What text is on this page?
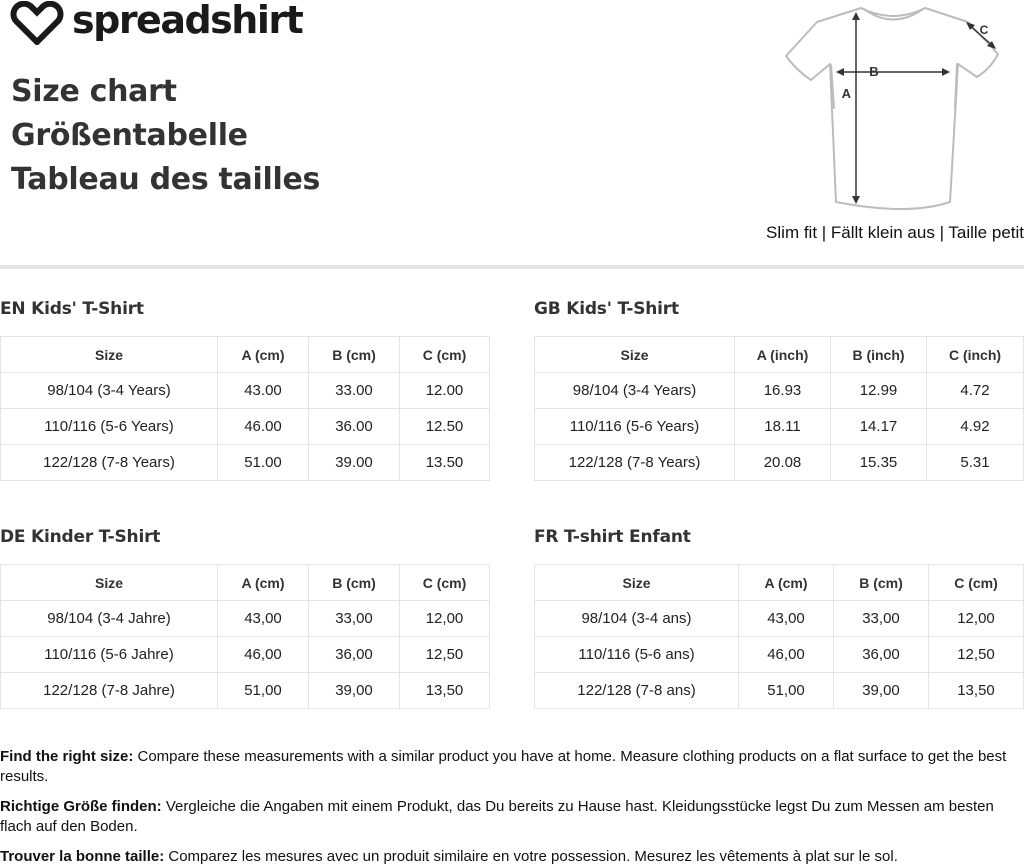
spreadshirt
Size chart
Größentabelle
Tableau des tailles
B
A
C
Slim fit | Fällt klein aus | Taille petit
EN Kids' T-Shirt
Size	A (cm)	B (cm)	C (cm)
98/104 (3-4 Years)	43.00	33.00	12.00
110/116 (5-6 Years)	46.00	36.00	12.50
122/128 (7-8 Years)	51.00	39.00	13.50
GB Kids' T-Shirt
Size	A (inch)	B (inch)	C (inch)
98/104 (3-4 Years)	16.93	12.99	4.72
110/116 (5-6 Years)	18.11	14.17	4.92
122/128 (7-8 Years)	20.08	15.35	5.31
DE Kinder T-Shirt
Size	A (cm)	B (cm)	C (cm)
98/104 (3-4 Jahre)	43,00	33,00	12,00
110/116 (5-6 Jahre)	46,00	36,00	12,50
122/128 (7-8 Jahre)	51,00	39,00	13,50
FR T-shirt Enfant
Size	A (cm)	B (cm)	C (cm)
98/104 (3-4 ans)	43,00	33,00	12,00
110/116 (5-6 ans)	46,00	36,00	12,50
122/128 (7-8 ans)	51,00	39,00	13,50

Find the right size: Compare these measurements with a similar product you have at home. Measure clothing products on a flat surface to get the best results.

Richtige Größe finden: Vergleiche die Angaben mit einem Produkt, das Du bereits zu Hause hast. Kleidungsstücke legst Du zum Messen am besten flach auf den Boden.

Trouver la bonne taille: Comparez les mesures avec un produit similaire en votre possession. Mesurez les vêtements à plat sur le sol.
